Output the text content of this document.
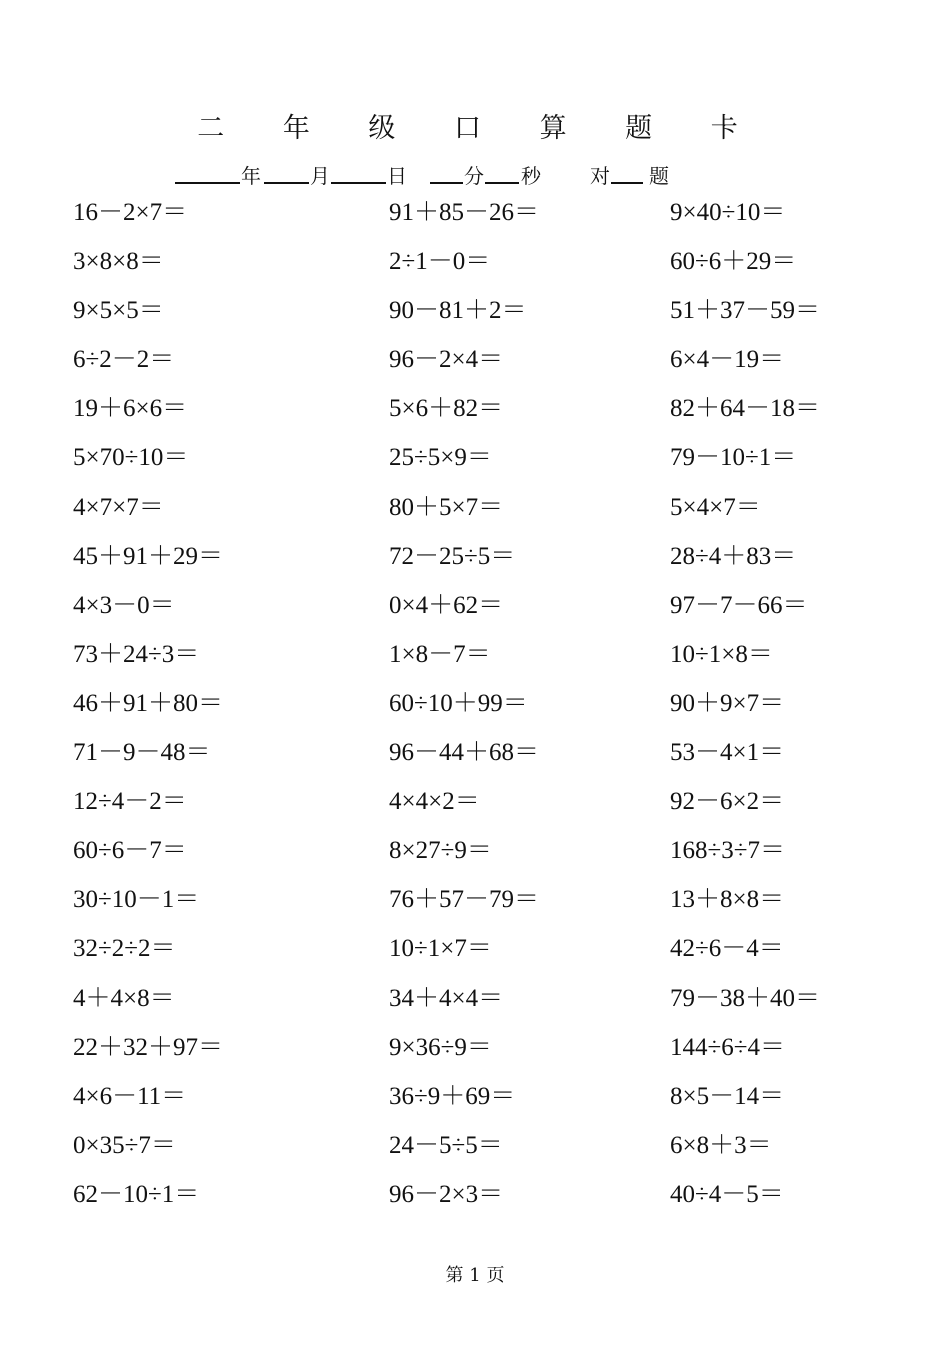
二 年 级 口 算 题 卡
年 月	日	分 秒 对 题
16－2×7＝	91＋85－26＝	9×40÷10＝
3×8×8＝	2÷1－0＝	60÷6＋29＝
9×5×5＝	90－81＋2＝	51＋37－59＝
6÷2－2＝	96－2×4＝	6×4－19＝
19＋6×6＝	5×6＋82＝	82＋64－18＝
5×70÷10＝	25÷5×9＝	79－10÷1＝
4×7×7＝	80＋5×7＝	5×4×7＝
45＋91＋29＝	72－25÷5＝	28÷4＋83＝
4×3－0＝	0×4＋62＝	97－7－66＝
73＋24÷3＝	1×8－7＝	10÷1×8＝
46＋91＋80＝	60÷10＋99＝	90＋9×7＝
71－9－48＝	96－44＋68＝	53－4×1＝
12÷4－2＝	4×4×2＝	92－6×2＝
60÷6－7＝	8×27÷9＝	168÷3÷7＝
30÷10－1＝	76＋57－79＝	13＋8×8＝
32÷2÷2＝	10÷1×7＝	42÷6－4＝
4＋4×8＝	34＋4×4＝	79－38＋40＝
22＋32＋97＝	9×36÷9＝	144÷6÷4＝
4×6－11＝	36÷9＋69＝	8×5－14＝
0×35÷7＝	24－5÷5＝	6×8＋3＝
62－10÷1＝	96－2×3＝	40÷4－5＝
第 1 页
